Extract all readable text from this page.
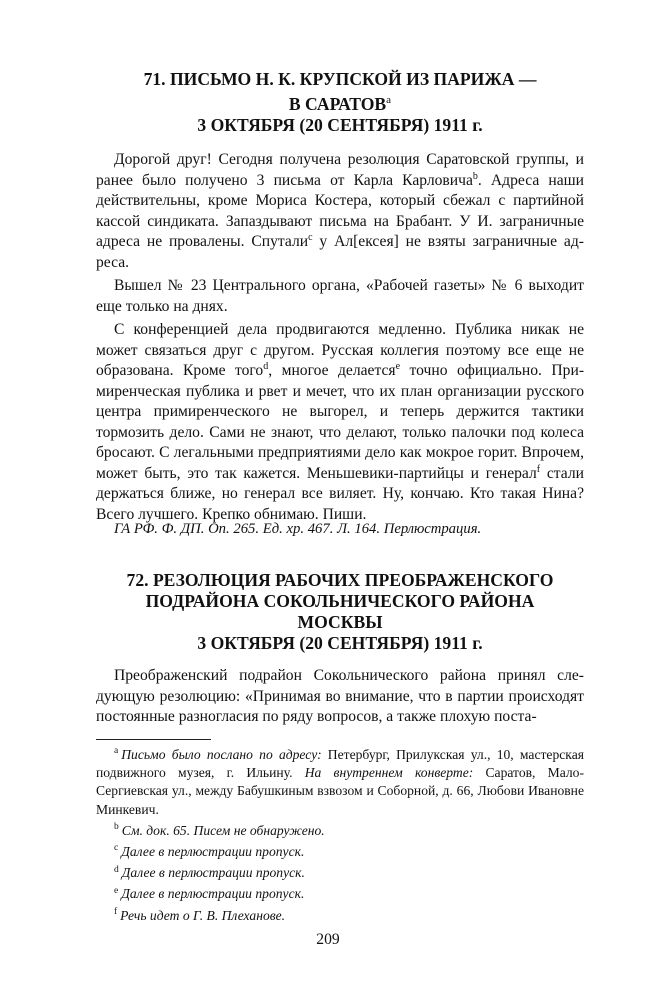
71. ПИСЬМО Н. К. КРУПСКОЙ ИЗ ПАРИЖА —

В САРАТОВ$^a$

3 ОКТЯБРЯ (20 СЕНТЯБРЯ) 1911 г.

Дорогой друг! Сегодня получена резолюция Саратовской группы, и ранее было получено 3 письма от Карла Карловича$^b$. Адреса наши действительны, кроме Мориса Костера, который сбежал с партийной кассой синдиката. Запаздывают письма на Брабант. У И. заграничные адреса не провалены. Спутали$^c$ у Ал[ексея] не взяты заграничные адреса.

Вышел № 23 Центрального органа, «Рабочей газеты» № 6 выходит еще только на днях.

С конференцией дела продвигаются медленно. Публика никак не может связаться друг с другом. Русская коллегия поэтому все еще не образована. Кроме того$^d$, многое делается$^e$ точно официально. Примиренческая публика и рвет и мечет, что их план организации русского центра примиренческого не выгорел, и теперь держится тактики тормозить дело. Сами не знают, что делают, только палочки под колеса бросают. С легальными предприятиями дело как мокрое горит. Впрочем, может быть, это так кажется. Меньшевики-партийцы и генерал$^f$ стали держаться ближе, но генерал все виляет. Ну, кончаю. Кто такая Нина? Всего лучшего. Крепко обнимаю. Пиши.

ГА РФ. Ф. ДП. Оп. 265. Ед. хр. 467. Л. 164. Перлюстрация.

72. РЕЗОЛЮЦИЯ РАБОЧИХ ПРЕОБРАЖЕНСКОГО

ПОДРАЙОНА СОКОЛЬНИЧЕСКОГО РАЙОНА

МОСКВЫ

3 ОКТЯБРЯ (20 СЕНТЯБРЯ) 1911 г.

Преображенский подрайон Сокольнического района принял следующую резолюцию: «Принимая во внимание, что в партии происходят постоянные разногласия по ряду вопросов, а также плохую поста-

$^a$ Письмо было послано по адресу: Петербург, Прилукская ул., 10, мастерская подвижного музея, г. Ильину. На внутреннем конверте: Саратов, Мало-Сергиевская ул., между Бабушкиным взвозом и Соборной, д. 66, Любови Ивановне Минкевич.

$^b$ См. док. 65. Писем не обнаружено.

$^c$ Далее в перлюстрации пропуск.

$^d$ Далее в перлюстрации пропуск.

$^e$ Далее в перлюстрации пропуск.

$^f$ Речь идет о Г. В. Плеханове.

209
